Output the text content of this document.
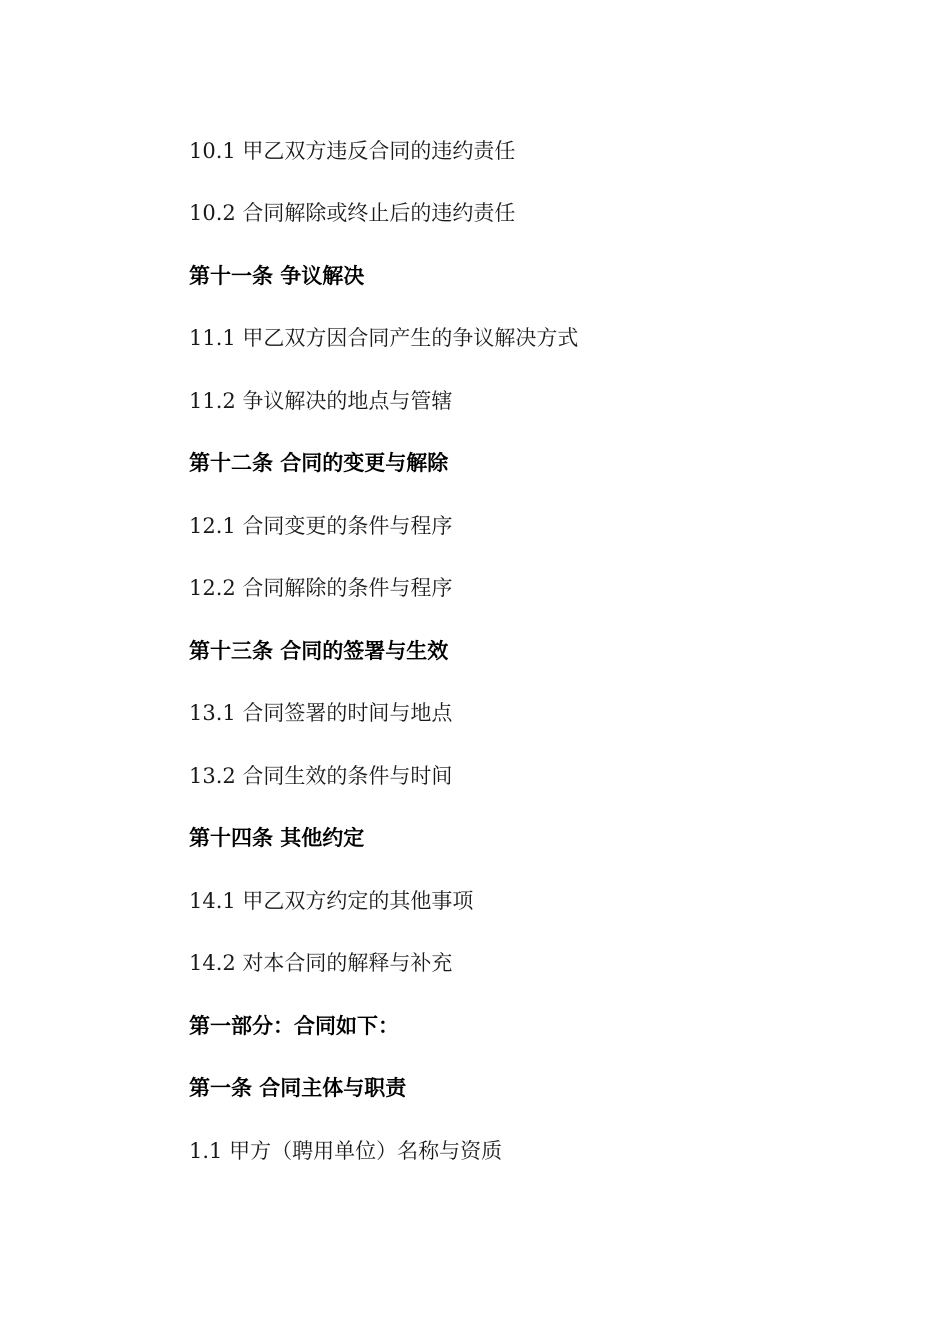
10.1 甲乙双方违反合同的违约责任
10.2 合同解除或终止后的违约责任
第十一条 争议解决
11.1 甲乙双方因合同产生的争议解决方式
11.2 争议解决的地点与管辖
第十二条 合同的变更与解除
12.1 合同变更的条件与程序
12.2 合同解除的条件与程序
第十三条 合同的签署与生效
13.1 合同签署的时间与地点
13.2 合同生效的条件与时间
第十四条 其他约定
14.1 甲乙双方约定的其他事项
14.2 对本合同的解释与补充
第一部分：合同如下：
第一条 合同主体与职责
1.1 甲方（聘用单位）名称与资质
